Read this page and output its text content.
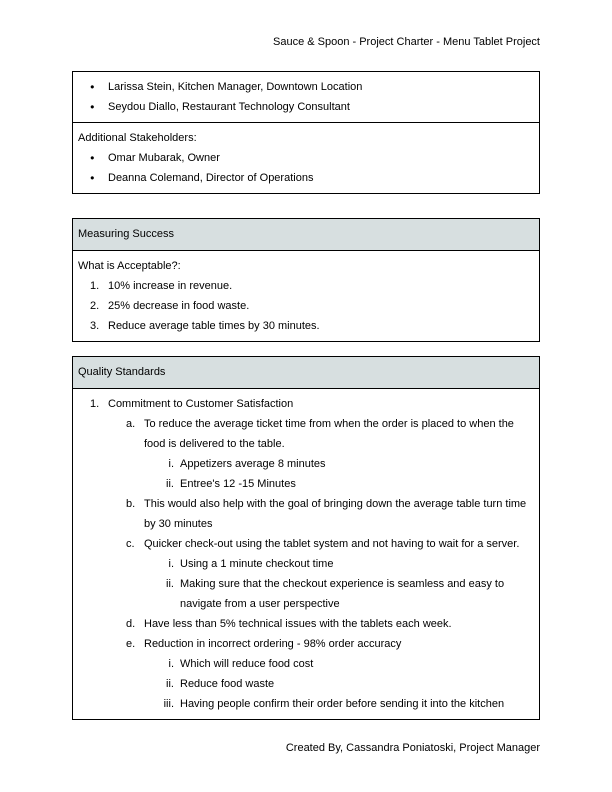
Sauce & Spoon - Project Charter - Menu Tablet Project
●	Larissa Stein, Kitchen Manager, Downtown Location
●	Seydou Diallo, Restaurant Technology Consultant

Additional Stakeholders:
●	Omar Mubarak, Owner
●	Deanna Colemand, Director of Operations
Measuring Success

What is Acceptable?:
1. 10% increase in revenue.
2. 25% decrease in food waste.
3. Reduce average table times by 30 minutes.
Quality Standards

1. Commitment to Customer Satisfaction
a. To reduce the average ticket time from when the order is placed to when the food is delivered to the table.
i. Appetizers average 8 minutes
ii. Entree's 12 -15 Minutes
b. This would also help with the goal of bringing down the average table turn time by 30 minutes
c. Quicker check-out using the tablet system and not having to wait for a server.
i. Using a 1 minute checkout time
ii. Making sure that the checkout experience is seamless and easy to navigate from a user perspective
d. Have less than 5% technical issues with the tablets each week.
e. Reduction in incorrect ordering - 98% order accuracy
i. Which will reduce food cost
ii. Reduce food waste
iii. Having people confirm their order before sending it into the kitchen
Created By, Cassandra Poniatoski, Project Manager
